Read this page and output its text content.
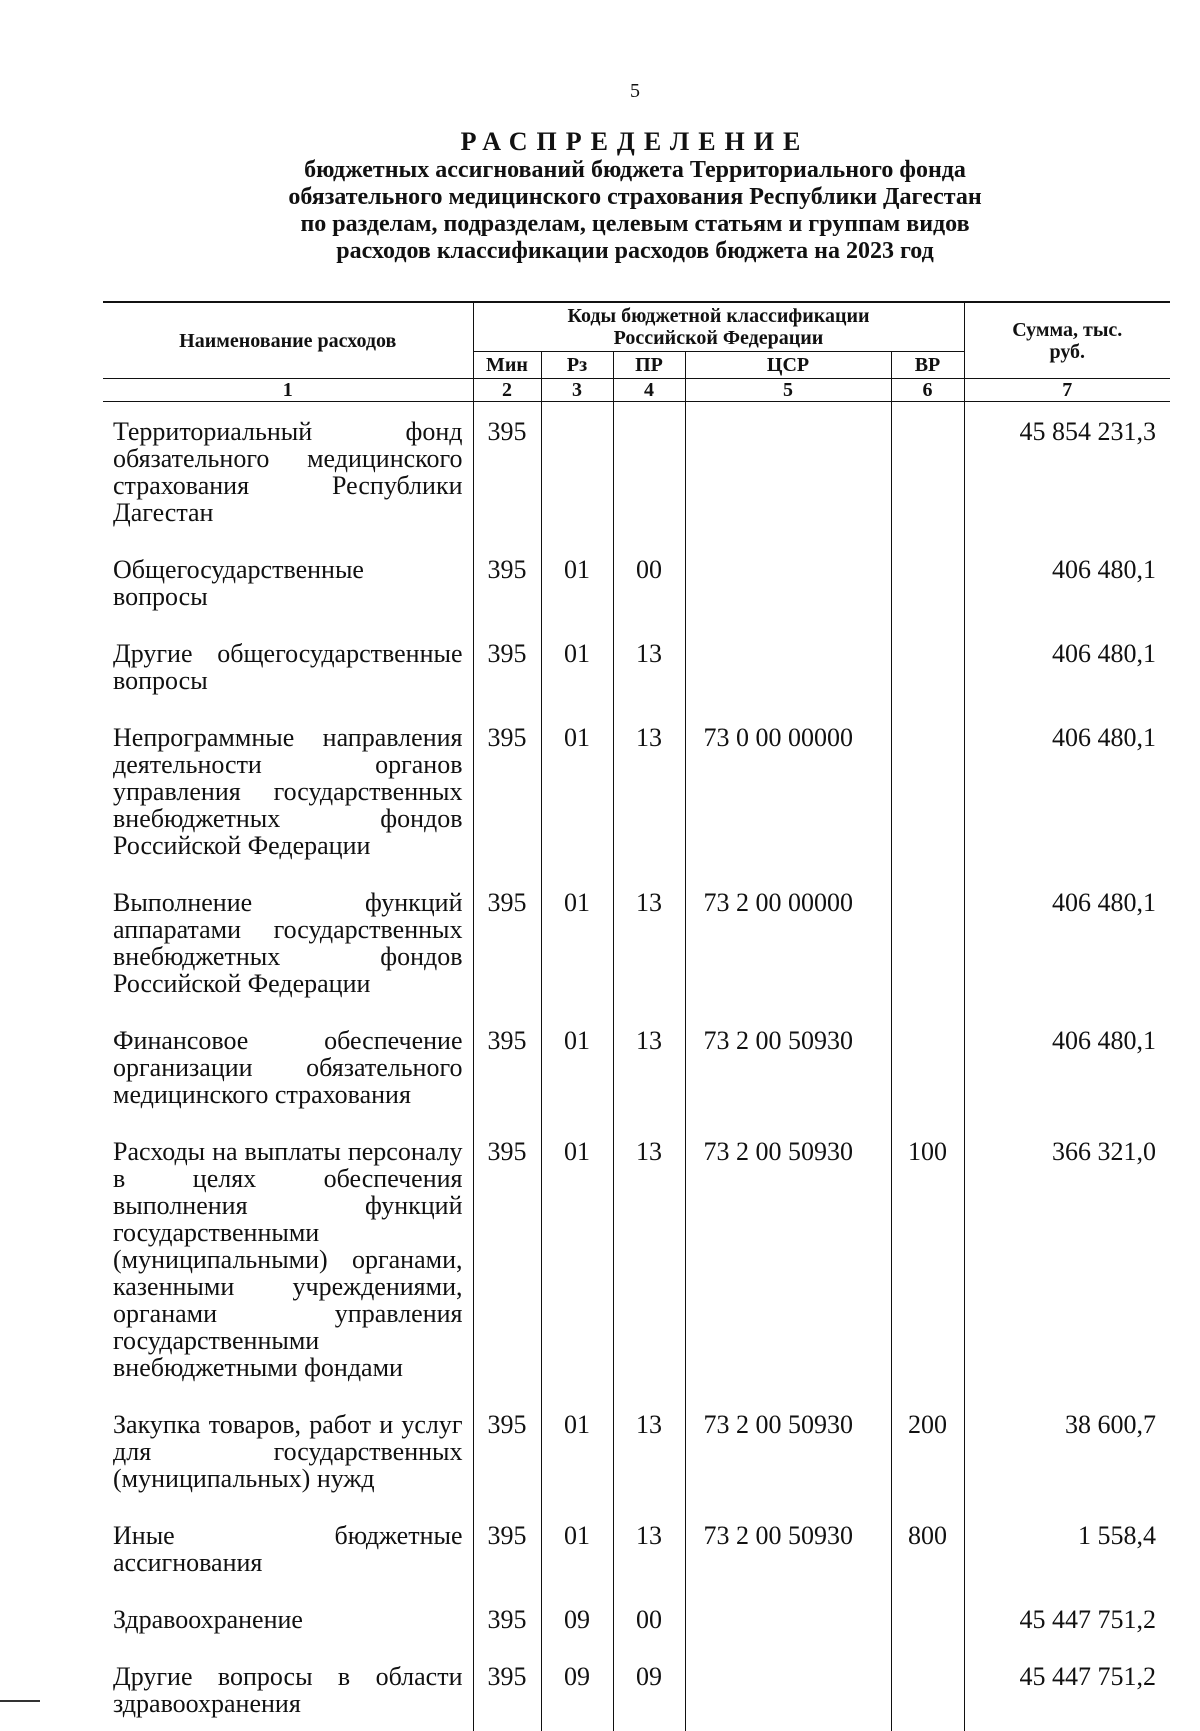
5
РАСПРЕДЕЛЕНИЕ
бюджетных ассигнований бюджета Территориального фонда
обязательного медицинского страхования Республики Дагестан
по разделам, подразделам, целевым статьям и группам видов
расходов классификации расходов бюджета на 2023 год
Наименование расходов	Коды бюджетной классификации Российской Федерации					Сумма, тыс. руб.
	Мин	Рз	ПР	ЦСР	ВР	
1	2	3	4	5	6	7
Территориальный фонд обязательного медицинского страхования Республики Дагестан	395					45 854 231,3
Общегосударственные вопросы	395	01	00			406 480,1
Другие общегосударственные вопросы	395	01	13			406 480,1
Непрограммные направления деятельности органов управления государственных внебюджетных фондов Российской Федерации	395	01	13	73 0 00 00000		406 480,1
Выполнение функций аппаратами государственных внебюджетных фондов Российской Федерации	395	01	13	73 2 00 00000		406 480,1
Финансовое обеспечение организации обязательного медицинского страхования	395	01	13	73 2 00 50930		406 480,1
Расходы на выплаты персоналу в целях обеспечения выполнения функций государственными (муниципальными) органами, казенными учреждениями, органами управления государственными внебюджетными фондами	395	01	13	73 2 00 50930	100	366 321,0
Закупка товаров, работ и услуг для государственных (муниципальных) нужд	395	01	13	73 2 00 50930	200	38 600,7
Иные бюджетные ассигнования	395	01	13	73 2 00 50930	800	1 558,4
Здравоохранение	395	09	00			45 447 751,2
Другие вопросы в области здравоохранения	395	09	09			45 447 751,2
